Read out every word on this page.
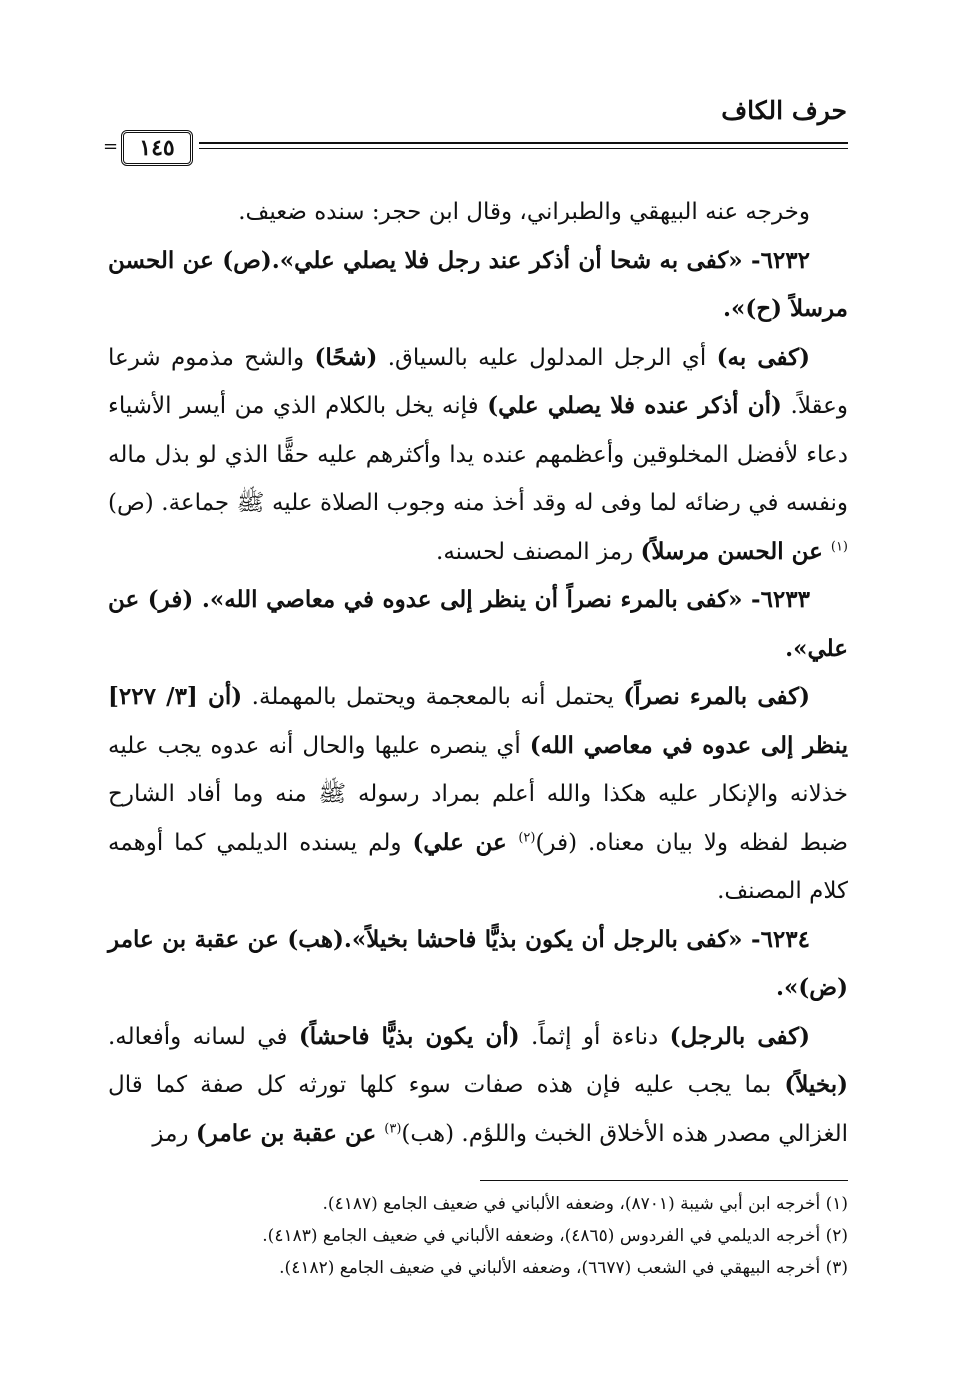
حرف الكاف
= ١٤٥

وخرجه عنه البيهقي والطبراني، وقال ابن حجر: سنده ضعيف.

٦٢٣٢- «كفى به شحا أن أذكر عند رجل فلا يصلي علي».(ص) عن الحسن مرسلاً (ح)».

(كفى به) أي الرجل المدلول عليه بالسياق. (شحًا) والشح مذموم شرعا وعقلاً. (أن أذكر عنده فلا يصلي علي) فإنه يخل بالكلام الذي من أيسر الأشياء دعاء لأفضل المخلوقين وأعظمهم عنده يدا وأكثرهم عليه حقًّا الذي لو بذل ماله ونفسه في رضائه لما وفى له وقد أخذ منه وجوب الصلاة عليه ﷺ جماعة. (ص)$^{(١)}$ عن الحسن مرسلاً) رمز المصنف لحسنه.

٦٢٣٣- «كفى بالمرء نصراً أن ينظر إلى عدوه في معاصي الله». (فر) عن علي».

(كفى بالمرء نصراً) يحتمل أنه بالمعجمة ويحتمل بالمهملة. (أن [٣/ ٢٢٧] ينظر إلى عدوه في معاصي الله) أي ينصره عليها والحال أنه عدوه يجب عليه خذلانه والإنكار عليه هكذا والله أعلم بمراد رسوله ﷺ منه وما أفاد الشارح ضبط لفظه ولا بيان معناه. (فر)$^{(٢)}$ عن علي) ولم يسنده الديلمي كما أوهمه كلام المصنف.

٦٢٣٤- «كفى بالرجل أن يكون بذيًّا فاحشا بخيلاً».(هب) عن عقبة بن عامر (ض)».

(كفى بالرجل) دناءة أو إثماً. (أن يكون بذيًّا فاحشاً) في لسانه وأفعاله. (بخيلاً) بما يجب عليه فإن هذه صفات سوء كلها تورثه كل صفة كما قال الغزالي مصدر هذه الأخلاق الخبث واللؤم. (هب)$^{(٣)}$ عن عقبة بن عامر) رمز

(١) أخرجه ابن أبي شيبة (٨٧٠١)، وضعفه الألباني في ضعيف الجامع (٤١٨٧).

(٢) أخرجه الديلمي في الفردوس (٤٨٦٥)، وضعفه الألباني في ضعيف الجامع (٤١٨٣).

(٣) أخرجه البيهقي في الشعب (٦٦٧٧)، وضعفه الألباني في ضعيف الجامع (٤١٨٢).
